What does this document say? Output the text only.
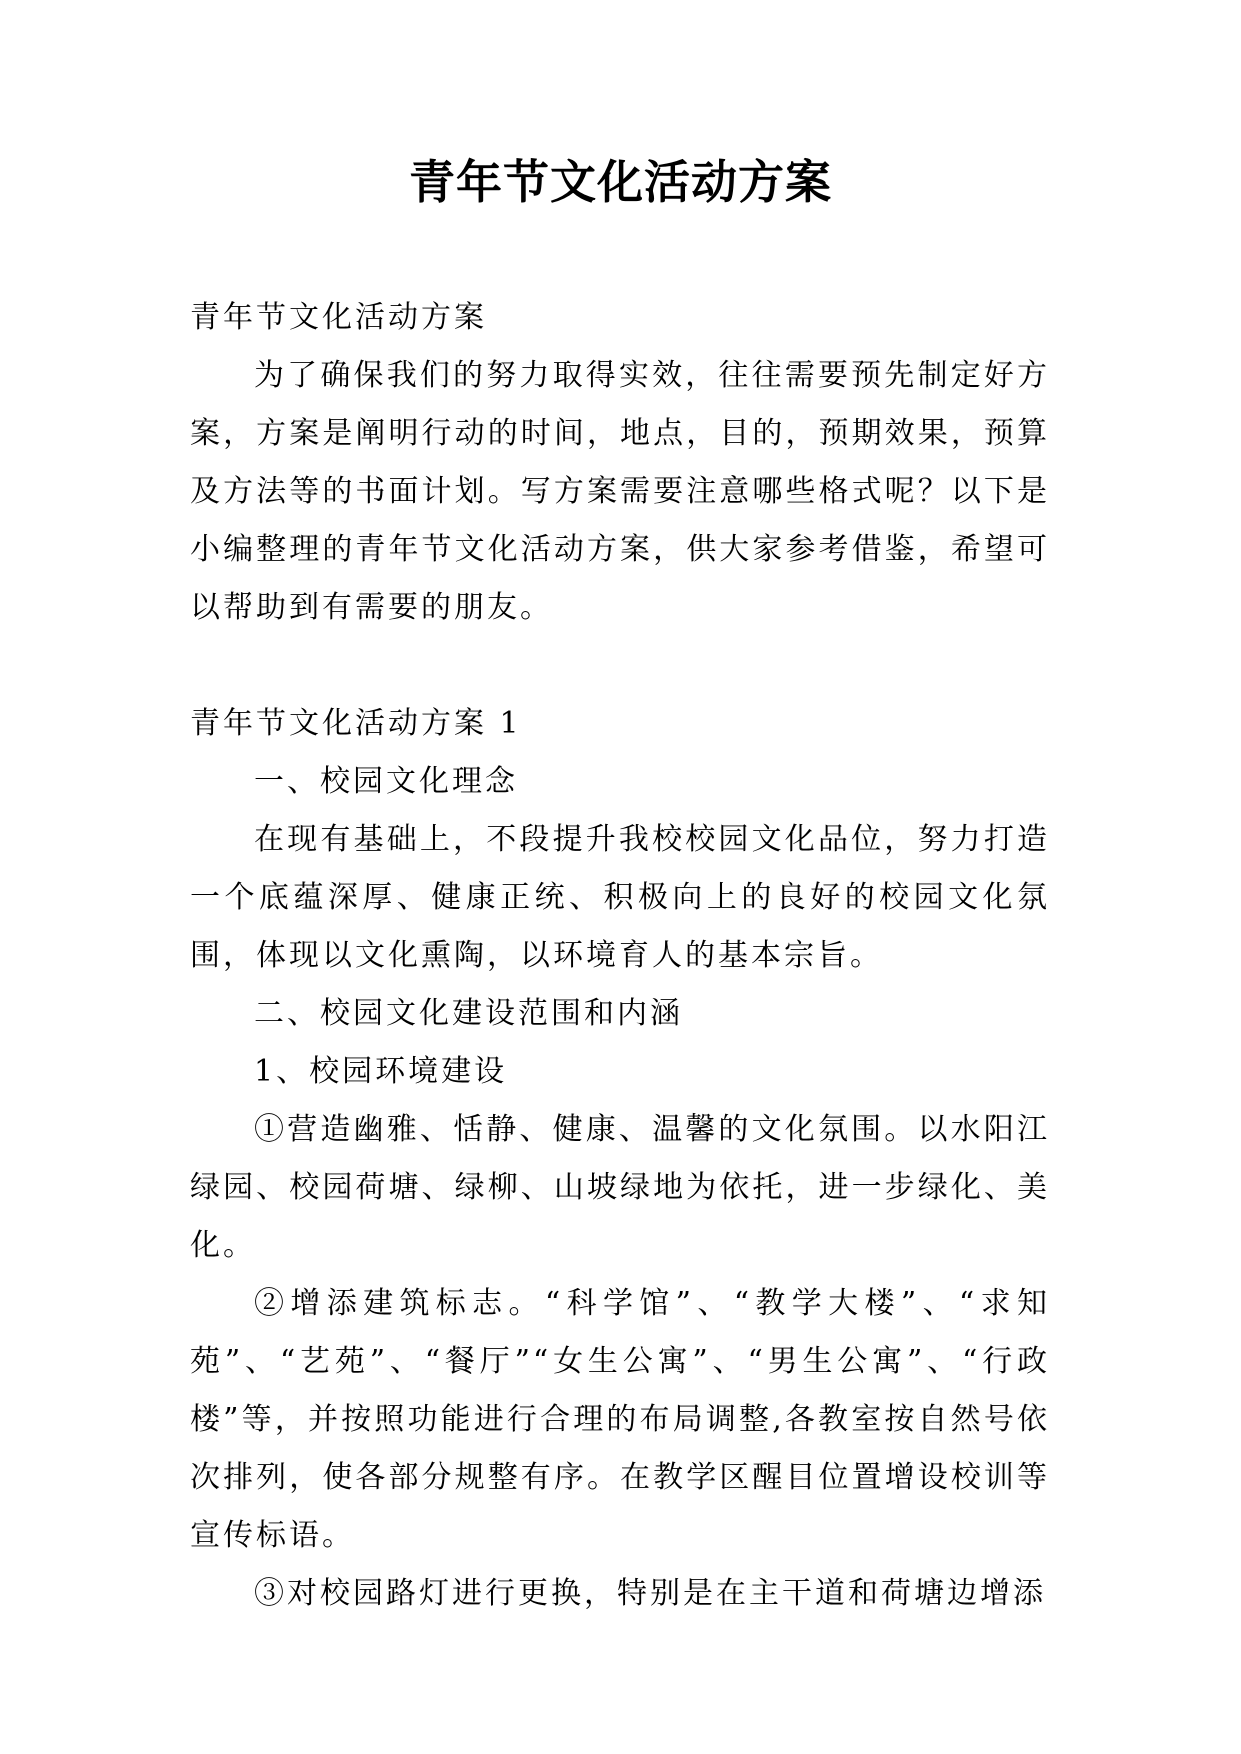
青年节文化活动方案

青年节文化活动方案

为了确保我们的努力取得实效，往往需要预先制定好方案，方案是阐明行动的时间，地点，目的，预期效果，预算及方法等的书面计划。写方案需要注意哪些格式呢？以下是小编整理的青年节文化活动方案，供大家参考借鉴，希望可以帮助到有需要的朋友。

青年节文化活动方案 1

一、校园文化理念

在现有基础上，不段提升我校校园文化品位，努力打造一个底蕴深厚、健康正统、积极向上的良好的校园文化氛围，体现以文化熏陶，以环境育人的基本宗旨。

二、校园文化建设范围和内涵

1、校园环境建设

①营造幽雅、恬静、健康、温馨的文化氛围。以水阳江绿园、校园荷塘、绿柳、山坡绿地为依托，进一步绿化、美化。

②增添建筑标志。“科学馆”、“教学大楼”、“求知苑”、“艺苑”、“餐厅”“女生公寓”、“男生公寓”、“行政楼”等，并按照功能进行合理的布局调整,各教室按自然号依次排列，使各部分规整有序。在教学区醒目位置增设校训等宣传标语。

③对校园路灯进行更换，特别是在主干道和荷塘边增添
